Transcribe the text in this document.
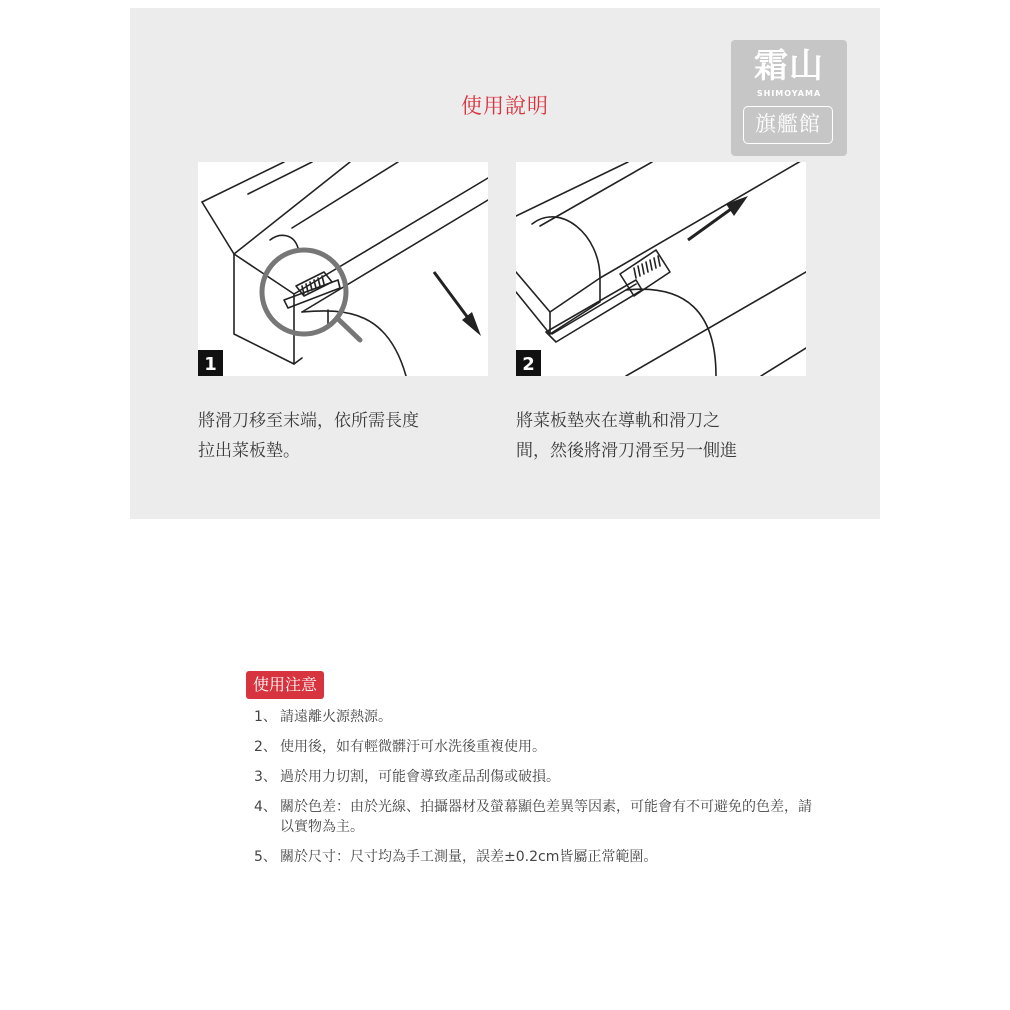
使用說明
霜山
SHIMOYAMA
旗艦館
1	2
將滑刀移至末端，依所需長度
拉出菜板墊。
將菜板墊夾在導軌和滑刀之
間，然後將滑刀滑至另一側進
使用注意
1、 請遠離火源熱源。
2、 使用後，如有輕微髒汙可水洗後重複使用。
3、 過於用力切割，可能會導致產品刮傷或破損。
4、 關於色差：由於光線、拍攝器材及螢幕顯色差異等因素，可能會有不可避免的色差，請以實物為主。
5、 關於尺寸：尺寸均為手工測量，誤差±0.2cm皆屬正常範圍。
